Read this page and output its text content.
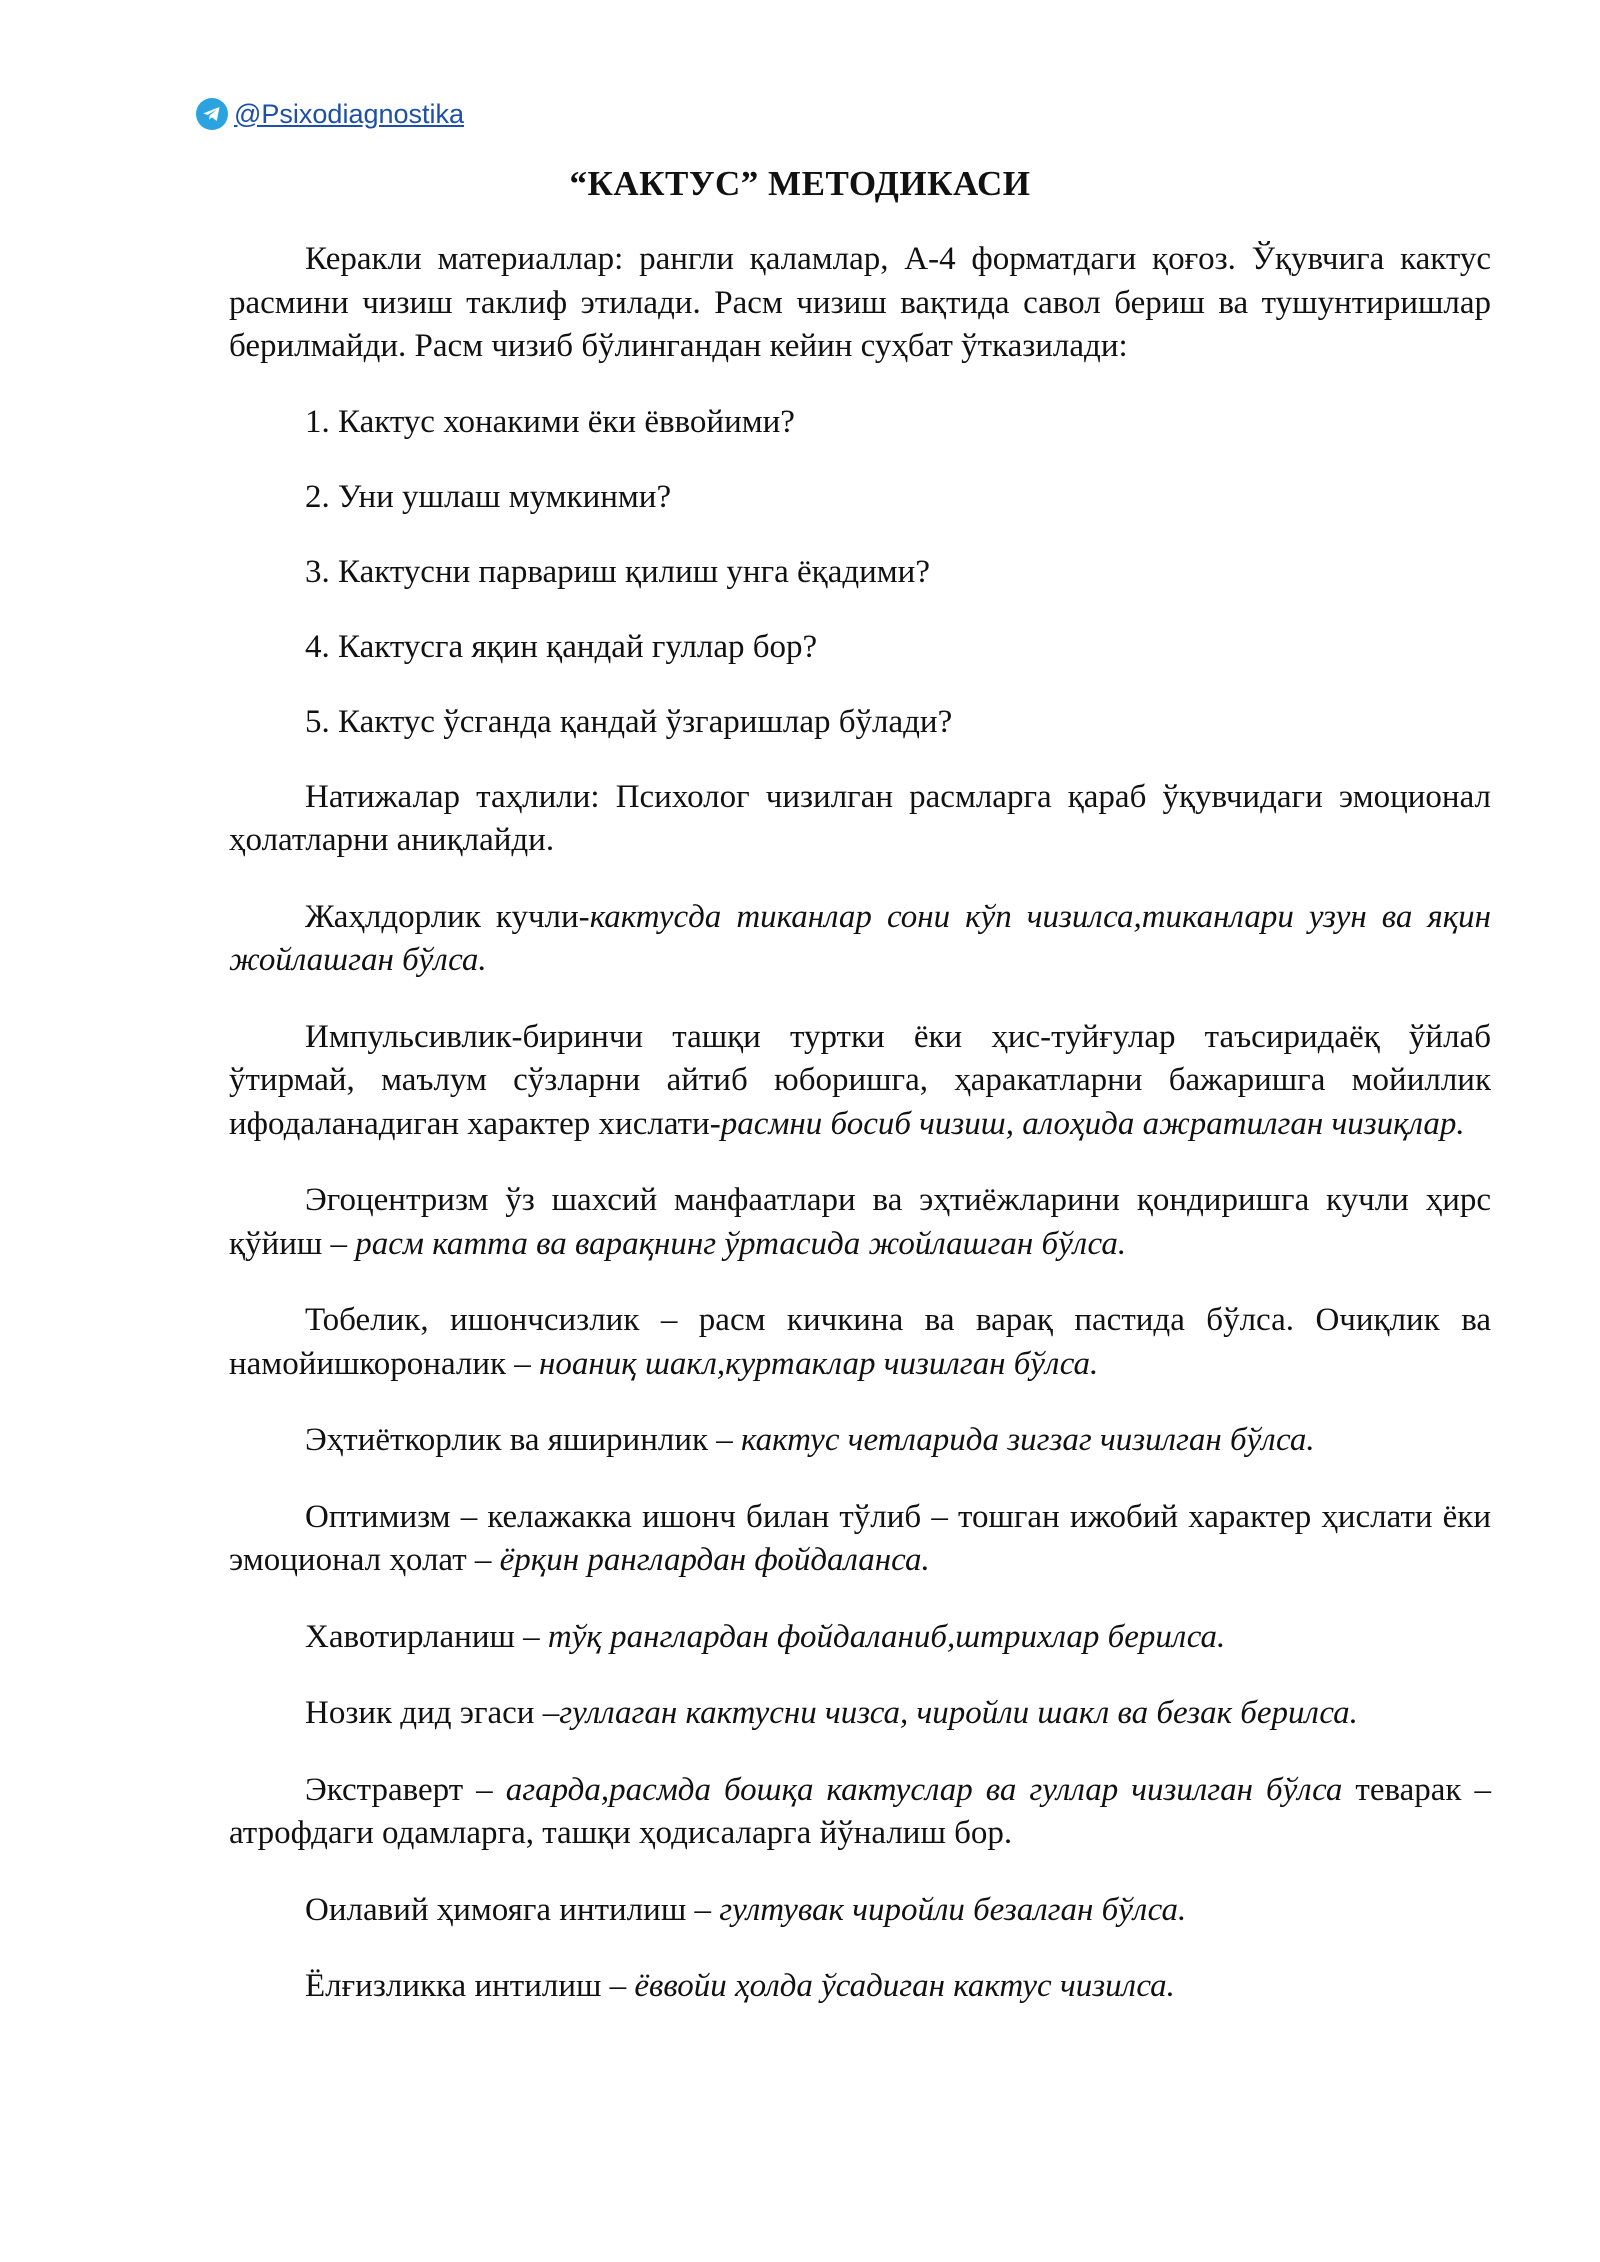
@Psixodiagnostika
“КАКТУС” МЕТОДИКАСИ

Керакли материаллар: рангли қаламлар, А-4 форматдаги қоғоз. Ўқувчига кактус расмини чизиш таклиф этилади. Расм чизиш вақтида савол бериш ва тушунтиришлар берилмайди. Расм чизиб бўлингандан кейин суҳбат ўтказилади:

1. Кактус хонакими ёки ёввойими?
2. Уни ушлаш мумкинми?
3. Кактусни парвариш қилиш унга ёқадими?
4. Кактусга яқин қандай гуллар бор?
5. Кактус ўсганда қандай ўзгаришлар бўлади?

Натижалар таҳлили: Психолог чизилган расмларга қараб ўқувчидаги эмоционал ҳолатларни аниқлайди.

Жаҳлдорлик кучли-кактусда тиканлар сони кўп чизилса,тиканлари узун ва яқин жойлашган бўлса.

Импульсивлик-биринчи ташқи туртки ёки ҳис-туйғулар таъсиридаёқ ўйлаб ўтирмай, маълум сўзларни айтиб юборишга, ҳаракатларни бажаришга мойиллик ифодаланадиган характер хислати-расмни босиб чизиш, алоҳида ажратилган чизиқлар.

Эгоцентризм ўз шахсий манфаатлари ва эҳтиёжларини қондиришга кучли ҳирс қўйиш – расм катта ва варақнинг ўртасида жойлашган бўлса.

Тобелик, ишончсизлик – расм кичкина ва варақ пастида бўлса. Очиқлик ва намойишкороналик – ноаниқ шакл,куртаклар чизилган бўлса.

Эҳтиёткорлик ва яширинлик – кактус четларида зигзаг чизилган бўлса.

Оптимизм – келажакка ишонч билан тўлиб – тошган ижобий характер ҳислати ёки эмоционал ҳолат – ёрқин ранглардан фойдаланса.

Хавотирланиш – тўқ ранглардан фойдаланиб,штрихлар берилса.

Нозик дид эгаси –гуллаган кактусни чизса, чиройли шакл ва безак берилса.

Экстраверт – агарда,расмда бошқа кактуслар ва гуллар чизилган бўлса теварак – атрофдаги одамларга, ташқи ҳодисаларга йўналиш бор.

Оилавий ҳимояга интилиш – гултувак чиройли безалган бўлса.

Ёлғизликка интилиш – ёввойи ҳолда ўсадиган кактус чизилса.
